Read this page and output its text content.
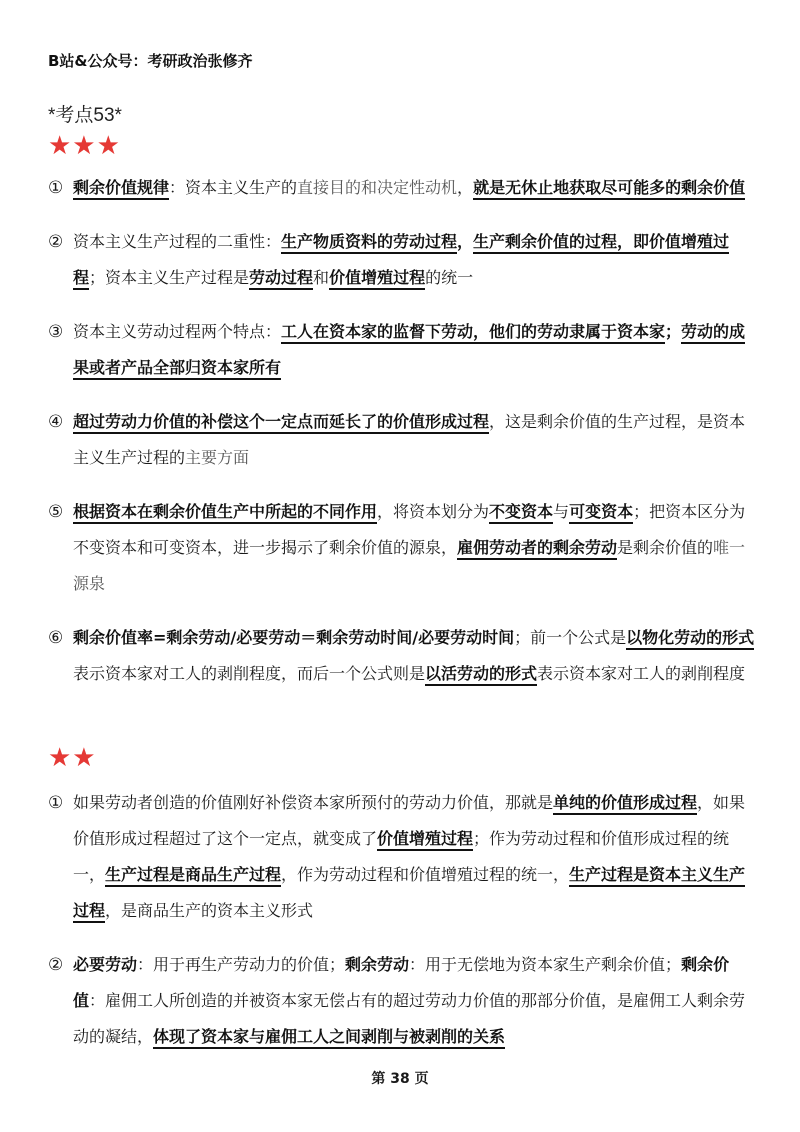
B站&公众号：考研政治张修齐
*考点53*
★★★
① 剩余价值规律：资本主义生产的直接目的和决定性动机，就是无休止地获取尽可能多的剩余价值
② 资本主义生产过程的二重性：生产物质资料的劳动过程，生产剩余价值的过程，即价值增殖过程；资本主义生产过程是劳动过程和价值增殖过程的统一
③ 资本主义劳动过程两个特点：工人在资本家的监督下劳动，他们的劳动隶属于资本家；劳动的成果或者产品全部归资本家所有
④ 超过劳动力价值的补偿这个一定点而延长了的价值形成过程，这是剩余价值的生产过程，是资本主义生产过程的主要方面
⑤ 根据资本在剩余价值生产中所起的不同作用，将资本划分为不变资本与可变资本；把资本区分为不变资本和可变资本，进一步揭示了剩余价值的源泉，雇佣劳动者的剩余劳动是剩余价值的唯一源泉
⑥ 剩余价值率=剩余劳动/必要劳动＝剩余劳动时间/必要劳动时间；前一个公式是以物化劳动的形式表示资本家对工人的剥削程度，而后一个公式则是以活劳动的形式表示资本家对工人的剥削程度
★★
① 如果劳动者创造的价值刚好补偿资本家所预付的劳动力价值，那就是单纯的价值形成过程，如果价值形成过程超过了这个一定点，就变成了价值增殖过程；作为劳动过程和价值形成过程的统一，生产过程是商品生产过程，作为劳动过程和价值增殖过程的统一，生产过程是资本主义生产过程，是商品生产的资本主义形式
② 必要劳动：用于再生产劳动力的价值；剩余劳动：用于无偿地为资本家生产剩余价值；剩余价值：雇佣工人所创造的并被资本家无偿占有的超过劳动力价值的那部分价值，是雇佣工人剩余劳动的凝结，体现了资本家与雇佣工人之间剥削与被剥削的关系
第 38 页
